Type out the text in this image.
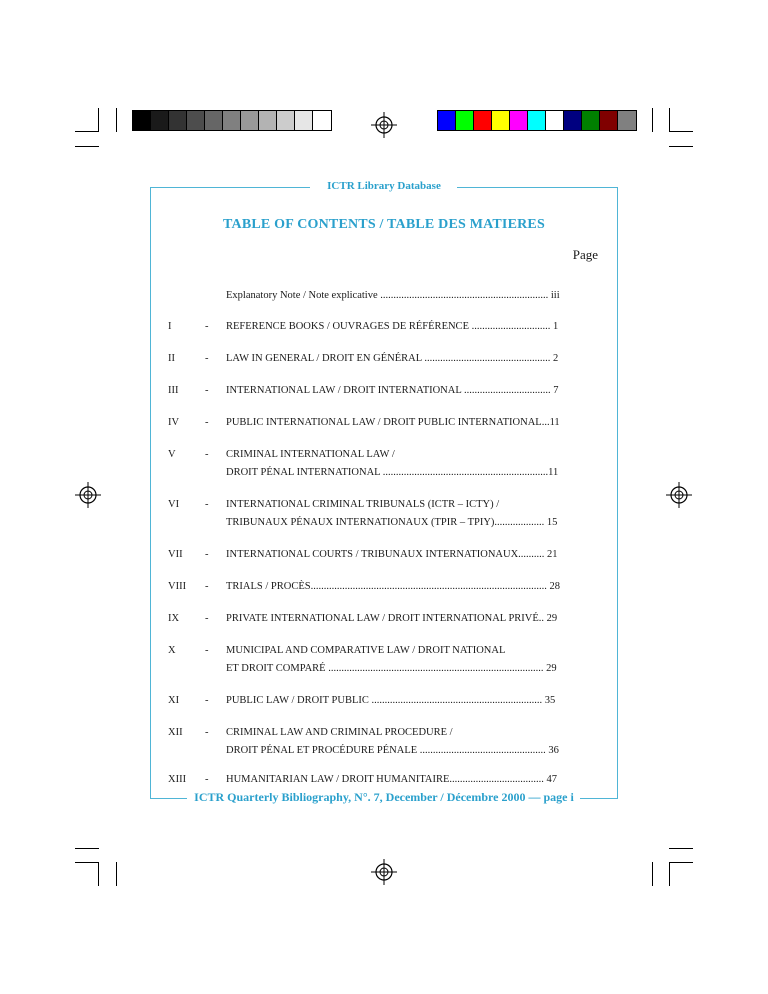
ICTR Library Database
TABLE OF CONTENTS / TABLE DES MATIERES
Page
Explanatory Note / Note explicative ................................................................ iii
I	-	REFERENCE BOOKS / OUVRAGES DE RÉFÉRENCE .............................. 1
II	-	LAW IN GENERAL / DROIT EN GÉNÉRAL ................................................ 2
III	-	INTERNATIONAL LAW / DROIT INTERNATIONAL ................................. 7
IV	-	PUBLIC INTERNATIONAL LAW / DROIT PUBLIC INTERNATIONAL...11
V	-	CRIMINAL INTERNATIONAL LAW /
DROIT PÉNAL INTERNATIONAL ...............................................................11
VI	-	INTERNATIONAL CRIMINAL TRIBUNALS (ICTR – ICTY) /
TRIBUNAUX PÉNAUX INTERNATIONAUX (TPIR – TPIY)................... 15
VII	-	INTERNATIONAL COURTS / TRIBUNAUX INTERNATIONAUX.......... 21
VIII	-	TRIALS / PROCÈS.......................................................................................... 28
IX	-	PRIVATE INTERNATIONAL LAW / DROIT INTERNATIONAL PRIVÉ.. 29
X	-	MUNICIPAL AND COMPARATIVE LAW / DROIT NATIONAL
ET DROIT COMPARÉ .................................................................................. 29
XI	-	PUBLIC LAW / DROIT PUBLIC ................................................................. 35
XII	-	CRIMINAL LAW AND CRIMINAL PROCEDURE /
DROIT PÉNAL ET PROCÉDURE PÉNALE ................................................ 36
XIII	-	HUMANITARIAN LAW / DROIT HUMANITAIRE.................................... 47
ICTR Quarterly Bibliography, N°. 7, December / Décembre 2000 — page i
